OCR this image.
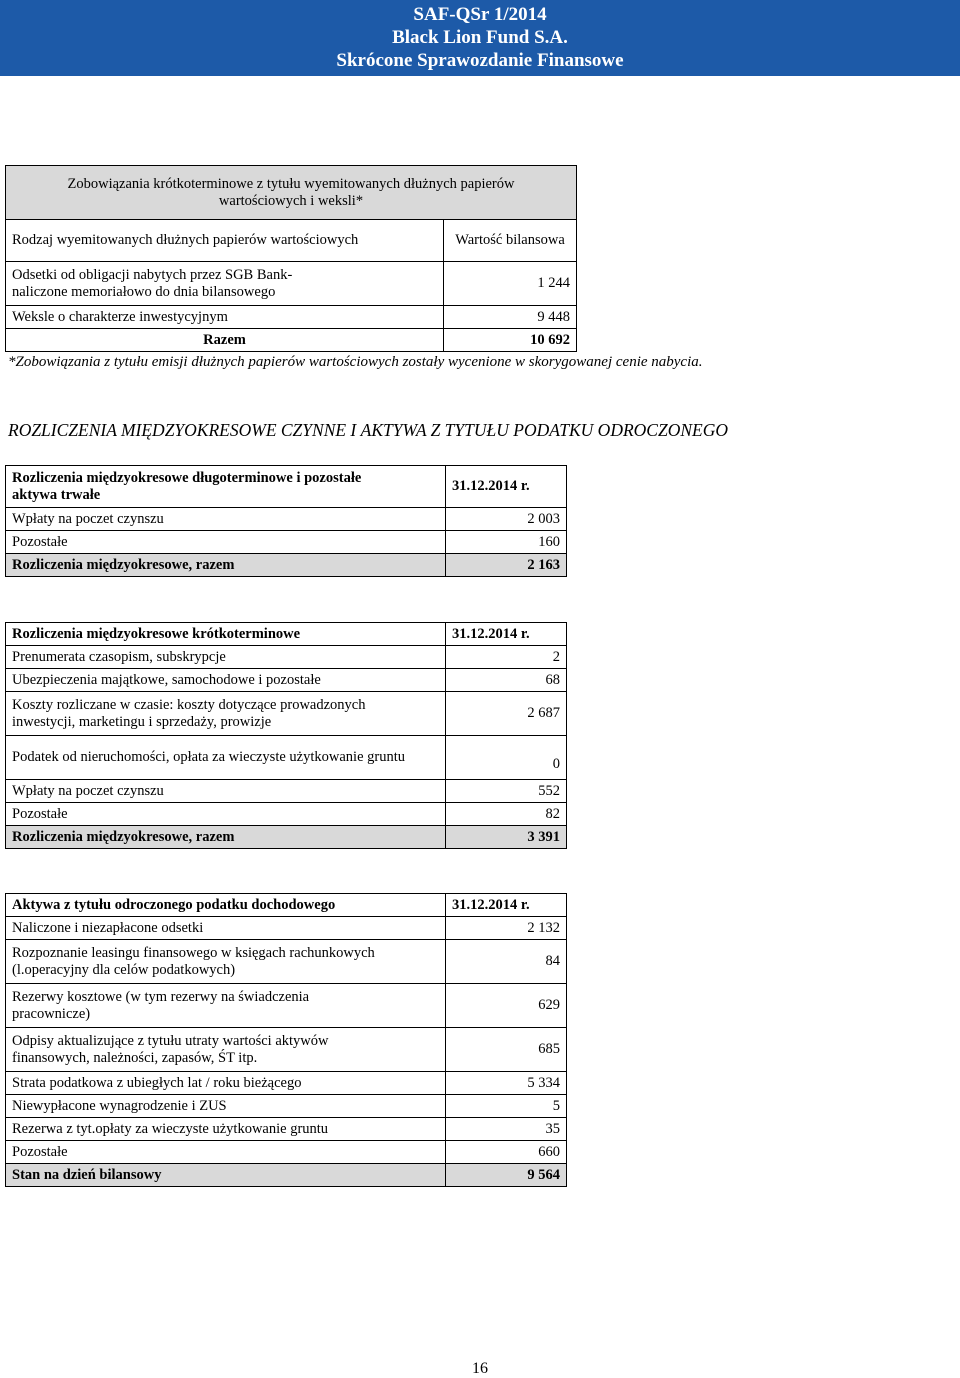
SAF-QSr 1/2014
Black Lion Fund S.A.
Skrócone Sprawozdanie Finansowe
Zobowiązania krótkoterminowe z tytułu wyemitowanych dłużnych papierów wartościowych i weksli*	
Rodzaj wyemitowanych dłużnych papierów wartościowych	Wartość bilansowa
Odsetki od obligacji nabytych przez SGB Bank- naliczone memoriałowo do dnia bilansowego	1 244
Weksle o charakterze inwestycyjnym	9 448
Razem	10 692
*Zobowiązania z tytułu emisji dłużnych papierów wartościowych zostały wycenione w skorygowanej cenie nabycia.
ROZLICZENIA MIĘDZYOKRESOWE CZYNNE I AKTYWA Z TYTUŁU PODATKU ODROCZONEGO
Rozliczenia międzyokresowe długoterminowe i pozostałe aktywa trwałe	31.12.2014 r.
Wpłaty na poczet czynszu	2 003
Pozostałe	160
Rozliczenia międzyokresowe, razem	2 163
Rozliczenia międzyokresowe krótkoterminowe	31.12.2014 r.
Prenumerata czasopism, subskrypcje	2
Ubezpieczenia majątkowe, samochodowe i pozostałe	68
Koszty rozliczane w czasie: koszty dotyczące prowadzonych inwestycji, marketingu i sprzedaży, prowizje	2 687
Podatek od nieruchomości, opłata za wieczyste użytkowanie gruntu	0
Wpłaty na poczet czynszu	552
Pozostałe	82
Rozliczenia międzyokresowe, razem	3 391
Aktywa z tytułu odroczonego podatku dochodowego	31.12.2014 r.
Naliczone i niezapłacone odsetki	2 132
Rozpoznanie leasingu finansowego w księgach rachunkowych (l.operacyjny dla celów podatkowych)	84
Rezerwy kosztowe (w tym rezerwy na świadczenia pracownicze)	629
Odpisy aktualizujące z tytułu utraty wartości aktywów finansowych, należności, zapasów, ŚT itp.	685
Strata podatkowa z ubiegłych lat / roku bieżącego	5 334
Niewypłacone wynagrodzenie i ZUS	5
Rezerwa z tyt.opłaty za wieczyste użytkowanie gruntu	35
Pozostałe	660
Stan na dzień bilansowy	9 564
16
